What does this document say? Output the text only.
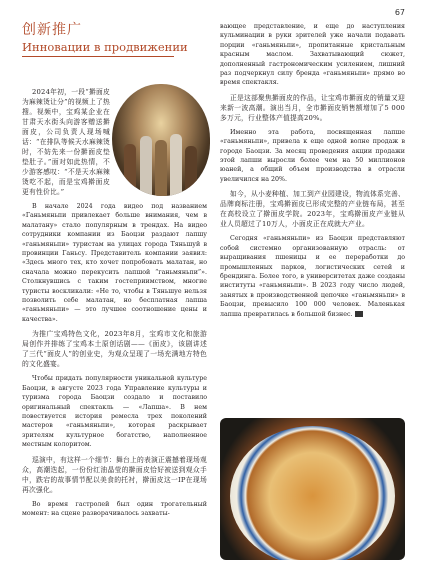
67
创新推广
Инновации в продвижении

2024年初，一段“擀面皮为麻辣烫让分”的视频上了热搜。视频中，宝鸡某企业在甘肃天水街头向游客赠送擀面皮，公司负责人现场喊话：“在排队等候天水麻辣烫时，不妨先来一份擀面皮垫垫肚子。”面对如此热情，不少游客感叹：“不是天水麻辣烫吃不起，而是宝鸡擀面皮更有性价比。”

В начале 2024 года видео под названием «Ганьмяньпи привлекает больше внимания, чем в малатану» стало популярным в трендах. На видео сотрудники компании из Баоцзи раздают лапшу «ганьмяньпи» туристам на улицах города Тяньшуй в провинции Ганьсу. Представитель компании заявил: «Здесь много тех, кто хочет попробовать малатан, но сначала можно перекусить лапшой “ганьмяньпи”». Столкнувшись с таким гостеприимством, многие туристы воскликали: «Не то, чтобы в Тяньшуе нельзя позволить себе малатан, но бесплатная лапша «ганьмяньпи» — это лучшее соотношение цены и качества».

为推广宝鸡特色文化，2023年8月，宝鸡市文化和旅游局创作并排练了宝鸡本土原创话剧——《面皮》，该剧讲述了三代“面皮人”的创业史，为观众呈现了一场充满地方特色的文化盛宴。

Чтобы придать популярности уникальной культуре Баоцзи, в августе 2023 года Управление культуры и туризма города Баоцзи создало и поставило оригинальный спектакль — «Лапша». В нем повествуется история ремесла трех поколений мастеров «ганьмяньпи», которая раскрывает зрителям культурное богатство, наполненное местным колоритом.

巡演中，有这样一个细节：舞台上的表演正震撼着现场观众，高潮迭起，一份份红油晶莹的擀面皮恰好被送到观众手中，跌宕的故事情节配以美食的托衬，擀面皮这一IP在现场再次强化。

Во время гастролей был один трогательный момент: на сцене разворачивалось захваты-

вающее представление, и еще до наступления кульминации в руки зрителей уже начали подавать порции «ганьмяньпи», пропитанные кристальным красным маслом. Захватывающий сюжет, дополненный гастрономическим усилением, лишний раз подчеркнул силу бренда «ганьмяньпи» прямо во время спектакля.

正是这部聚焦擀面皮的作品，让宝鸡市擀面皮的销量又迎来新一波高潮。演出当月，全市擀面皮销售额增加了5 000多万元，行业整体产值提高20%。

Именно эта работа, посвященная лапше «ганьмяньпи», привела к еще одной волне продаж в городе Баоцзи. За месяц проведения акции продажи этой лапши выросли более чем на 50 миллионов юаней, а общий объем производства в отрасли увеличился на 20%.

如今，从小麦种植、加工到产业园建设，物流体系完善、品牌商标注册，宝鸡擀面皮已形成完整的产业链布局，甚至在高校设立了擀面皮学院。2023年，宝鸡擀面皮产业链从业人员超过了10万人，小面皮正在成就大产业。

Сегодня «ганьмяньпи» из Баоцзи представляют собой системно организованную отрасль: от выращивания пшеницы и ее переработки до промышленных парков, логистических сетей и брендинга. Более того, в университетах даже созданы институты «ганьмяньпи». В 2023 году число людей, занятых в производственной цепочке «ганьмяньпи» в Баоцзи, превысило 100 000 человек. Маленькая лапша превратилась в большой бизнес.
